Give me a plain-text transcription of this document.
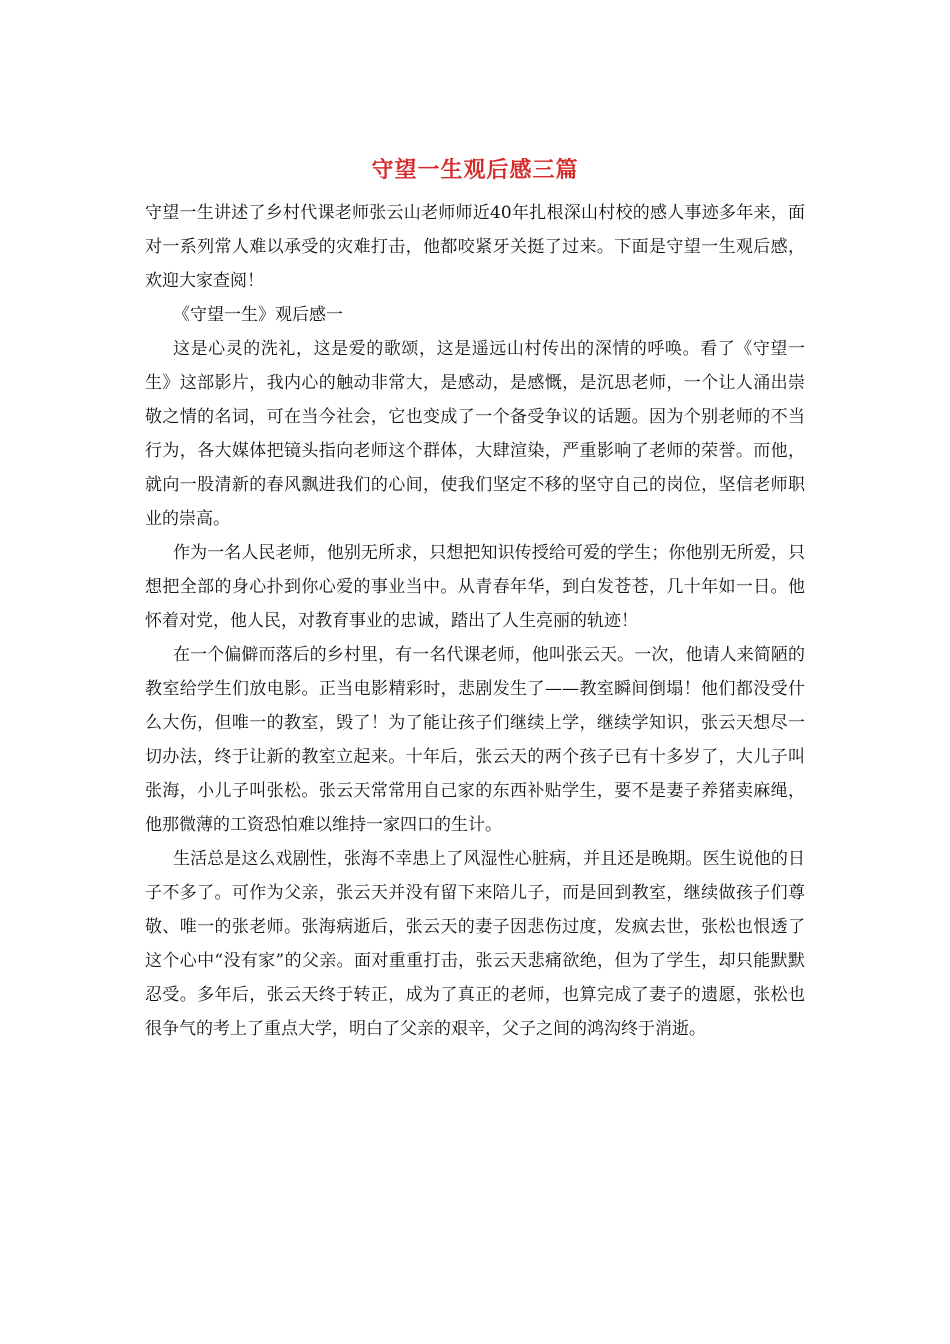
守望一生观后感三篇

守望一生讲述了乡村代课老师张云山老师师近40年扎根深山村校的感人事迹多年来，面对一系列常人难以承受的灾难打击，他都咬紧牙关挺了过来。下面是守望一生观后感，欢迎大家查阅！

《守望一生》观后感一

这是心灵的洗礼，这是爱的歌颂，这是遥远山村传出的深情的呼唤。看了《守望一生》这部影片，我内心的触动非常大，是感动，是感慨，是沉思老师，一个让人涌出崇敬之情的名词，可在当今社会，它也变成了一个备受争议的话题。因为个别老师的不当行为，各大媒体把镜头指向老师这个群体，大肆渲染，严重影响了老师的荣誉。而他，就向一股清新的春风飘进我们的心间，使我们坚定不移的坚守自己的岗位，坚信老师职业的崇高。

作为一名人民老师，他别无所求，只想把知识传授给可爱的学生；你他别无所爱，只想把全部的身心扑到你心爱的事业当中。从青春年华，到白发苍苍，几十年如一日。他怀着对党，他人民，对教育事业的忠诚，踏出了人生亮丽的轨迹！

在一个偏僻而落后的乡村里，有一名代课老师，他叫张云天。一次，他请人来简陋的教室给学生们放电影。正当电影精彩时，悲剧发生了——教室瞬间倒塌！他们都没受什么大伤，但唯一的教室，毁了！为了能让孩子们继续上学，继续学知识，张云天想尽一切办法，终于让新的教室立起来。十年后，张云天的两个孩子已有十多岁了，大儿子叫张海，小儿子叫张松。张云天常常用自己家的东西补贴学生，要不是妻子养猪卖麻绳，他那微薄的工资恐怕难以维持一家四口的生计。

生活总是这么戏剧性，张海不幸患上了风湿性心脏病，并且还是晚期。医生说他的日子不多了。可作为父亲，张云天并没有留下来陪儿子，而是回到教室，继续做孩子们尊敬、唯一的张老师。张海病逝后，张云天的妻子因悲伤过度，发疯去世，张松也恨透了这个心中“没有家”的父亲。面对重重打击，张云天悲痛欲绝，但为了学生，却只能默默忍受。多年后，张云天终于转正，成为了真正的老师，也算完成了妻子的遗愿，张松也很争气的考上了重点大学，明白了父亲的艰辛，父子之间的鸿沟终于消逝。
